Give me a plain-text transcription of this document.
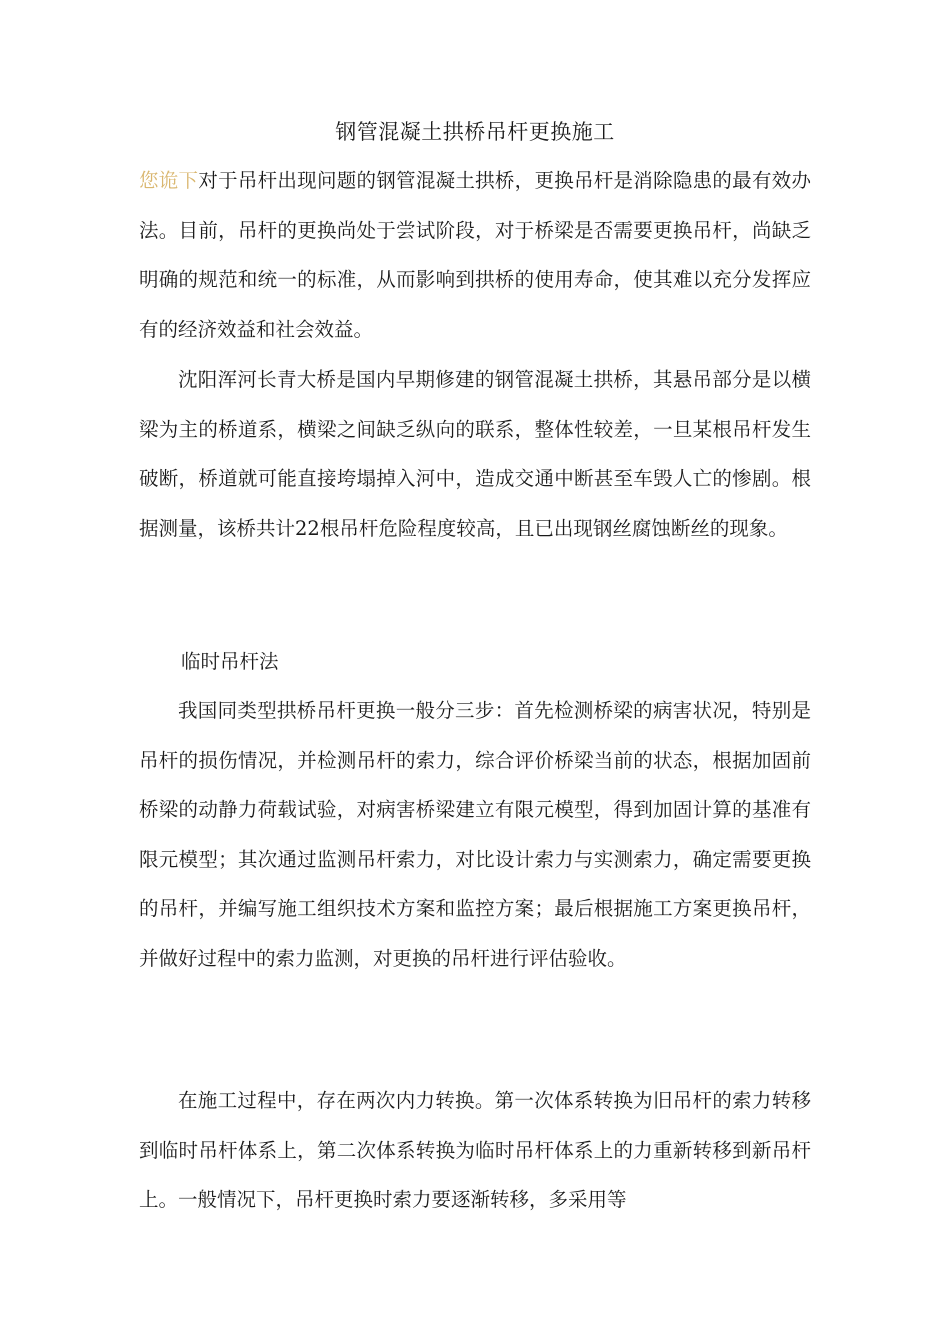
钢管混凝土拱桥吊杆更换施工

您诡下对于吊杆出现问题的钢管混凝土拱桥，更换吊杆是消除隐患的最有效办法。目前，吊杆的更换尚处于尝试阶段，对于桥梁是否需要更换吊杆，尚缺乏明确的规范和统一的标准，从而影响到拱桥的使用寿命，使其难以充分发挥应有的经济效益和社会效益。

沈阳浑河长青大桥是国内早期修建的钢管混凝土拱桥，其悬吊部分是以横梁为主的桥道系，横梁之间缺乏纵向的联系，整体性较差，一旦某根吊杆发生破断，桥道就可能直接垮塌掉入河中，造成交通中断甚至车毁人亡的惨剧。根据测量，该桥共计22根吊杆危险程度较高，且已出现钢丝腐蚀断丝的现象。

临时吊杆法

我国同类型拱桥吊杆更换一般分三步：首先检测桥梁的病害状况，特别是吊杆的损伤情况，并检测吊杆的索力，综合评价桥梁当前的状态，根据加固前桥梁的动静力荷载试验，对病害桥梁建立有限元模型，得到加固计算的基准有限元模型；其次通过监测吊杆索力，对比设计索力与实测索力，确定需要更换的吊杆，并编写施工组织技术方案和监控方案；最后根据施工方案更换吊杆，并做好过程中的索力监测，对更换的吊杆进行评估验收。

在施工过程中，存在两次内力转换。第一次体系转换为旧吊杆的索力转移到临时吊杆体系上，第二次体系转换为临时吊杆体系上的力重新转移到新吊杆上。一般情况下，吊杆更换时索力要逐渐转移，多采用等
